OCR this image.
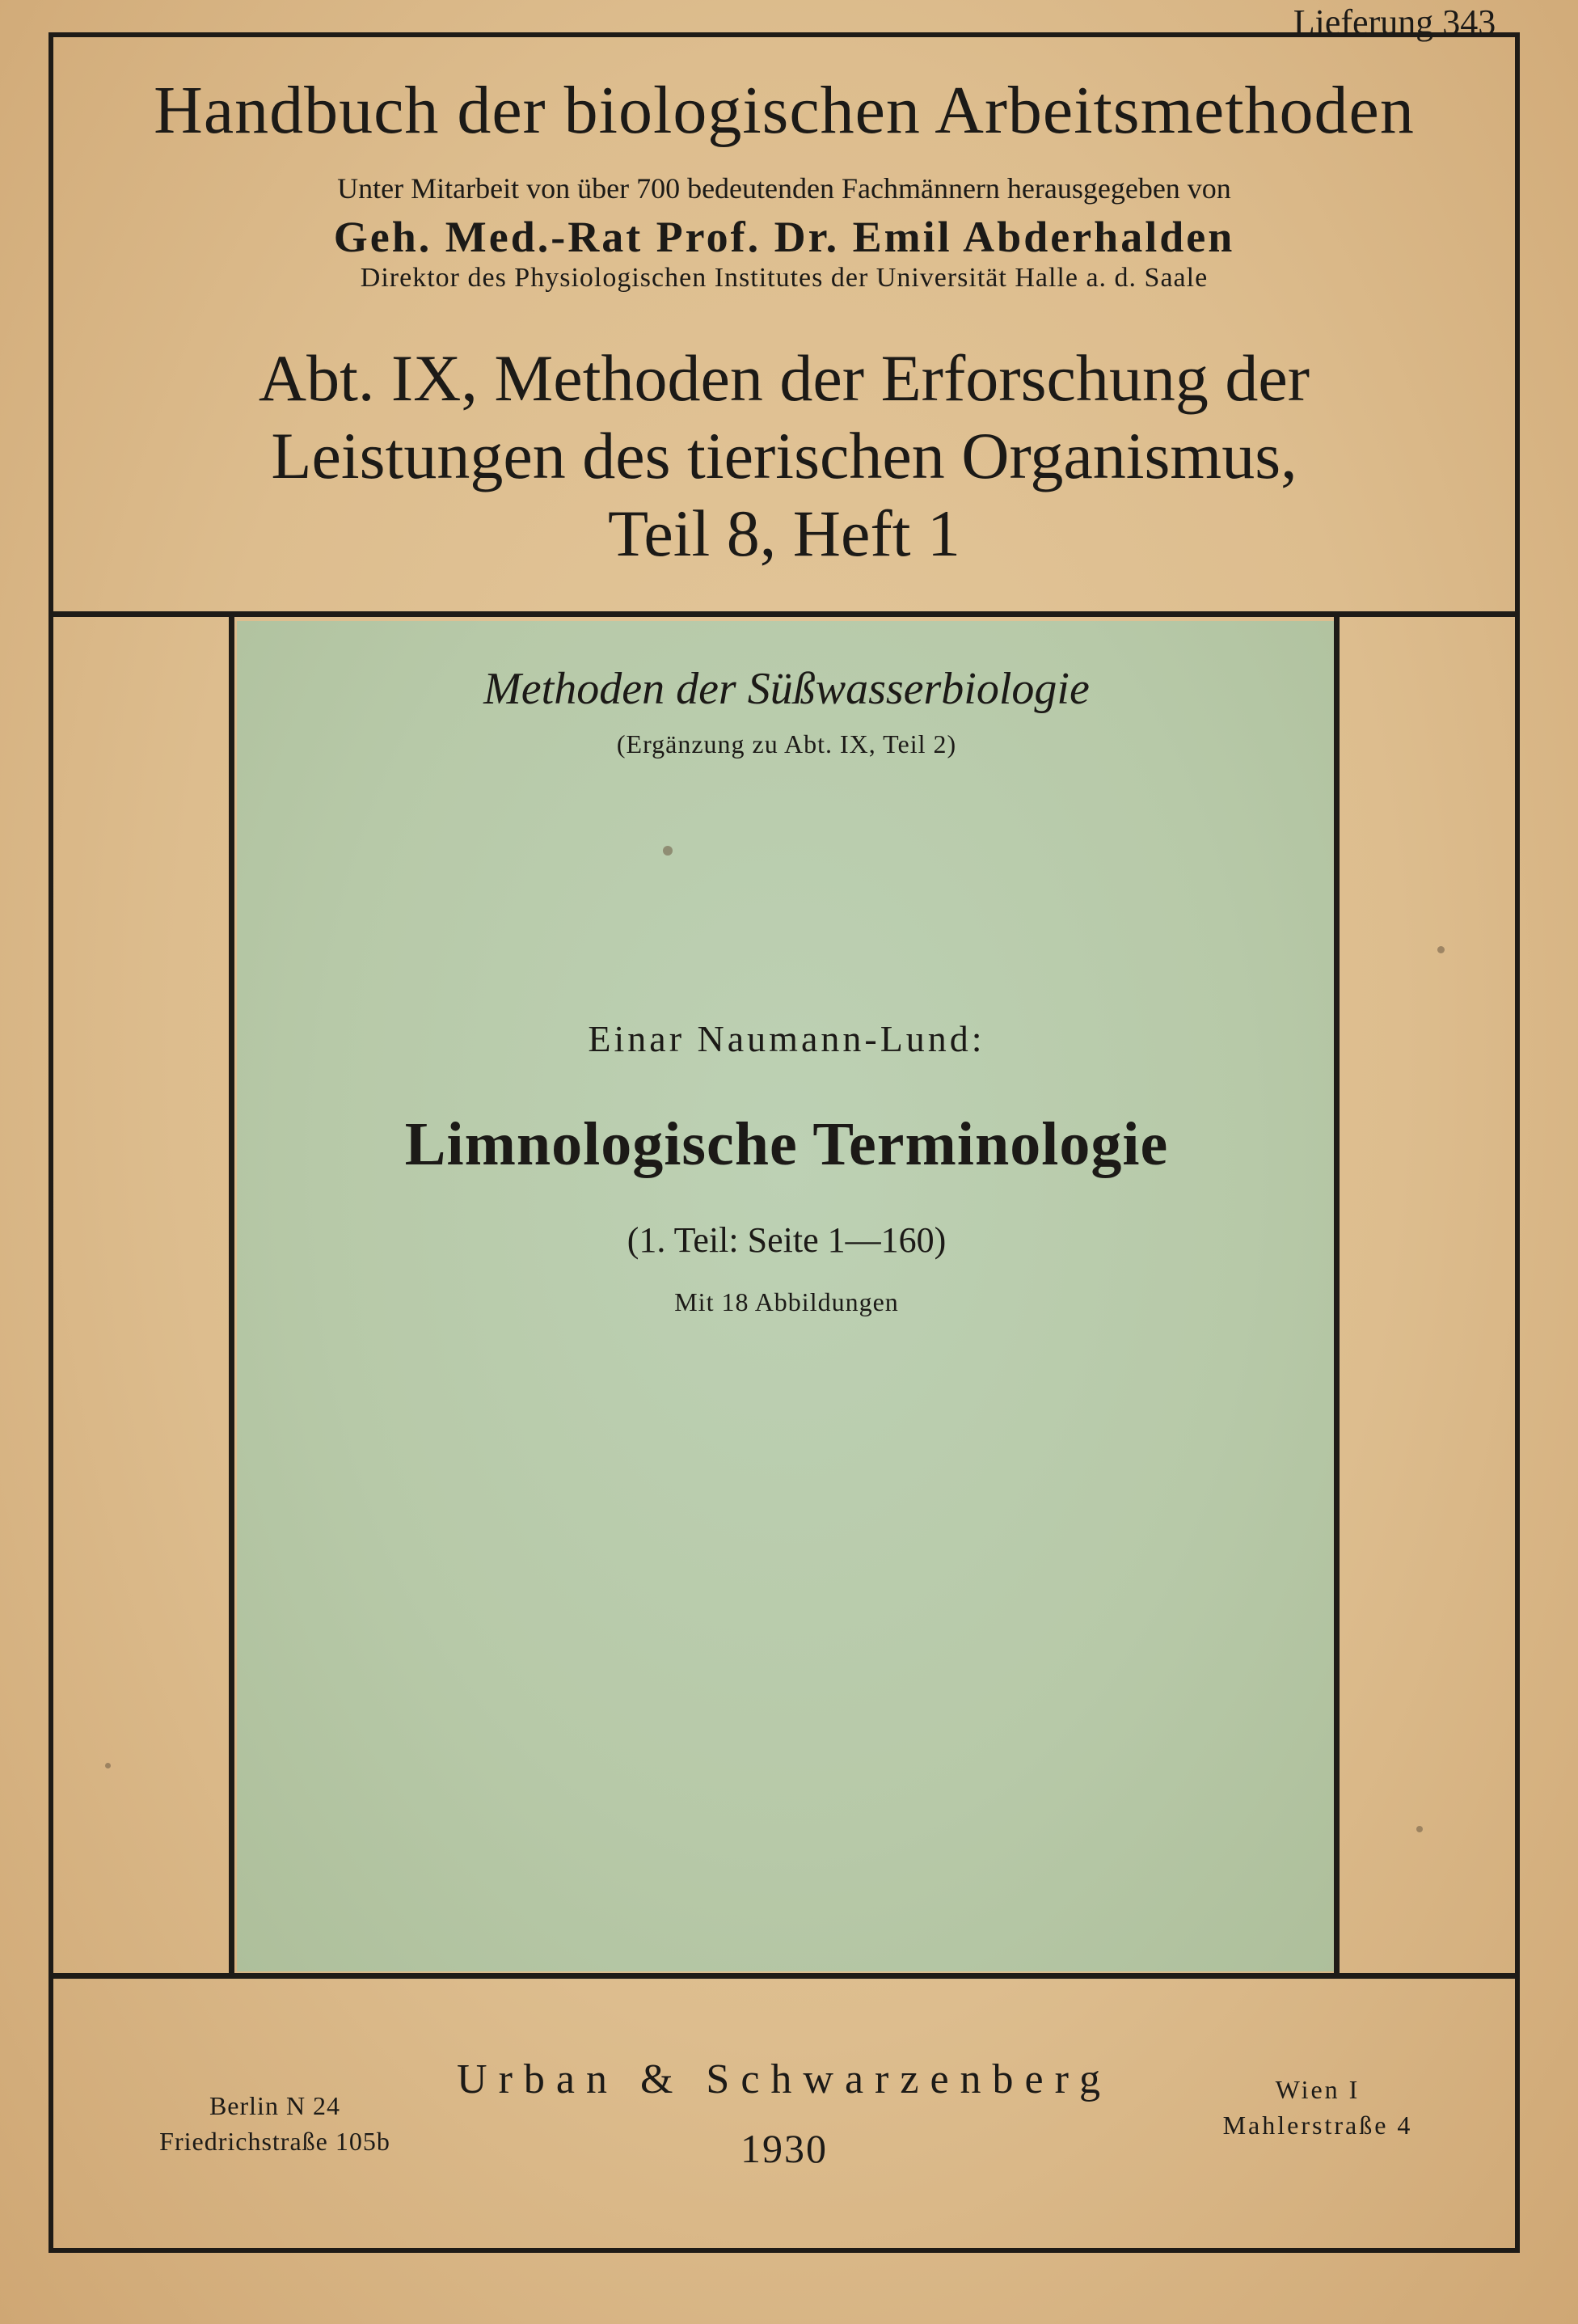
Lieferung 343
Handbuch der biologischen Arbeitsmethoden
Unter Mitarbeit von über 700 bedeutenden Fachmännern herausgegeben von
Geh. Med.-Rat Prof. Dr. Emil Abderhalden
Direktor des Physiologischen Institutes der Universität Halle a. d. Saale
Abt. IX, Methoden der Erforschung der
Leistungen des tierischen Organismus,
Teil 8, Heft 1
Methoden der Süßwasserbiologie
(Ergänzung zu Abt. IX, Teil 2)
Einar Naumann-Lund:
Limnologische Terminologie
(1. Teil: Seite 1—160)
Mit 18 Abbildungen
Berlin N 24
Friedrichstraße 105b
Urban & Schwarzenberg
1930
Wien I
Mahlerstraße 4
